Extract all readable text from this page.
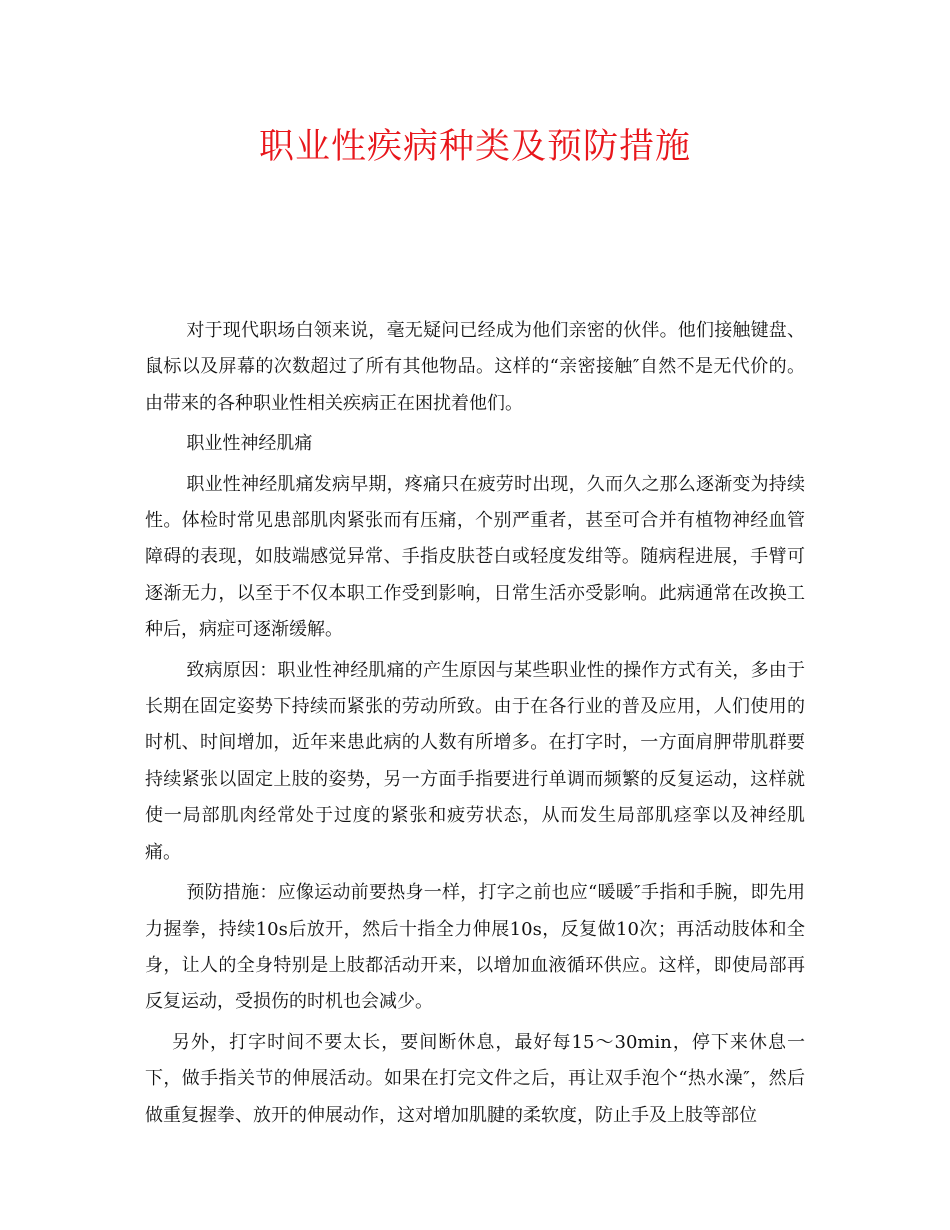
职业性疾病种类及预防措施

对于现代职场白领来说，毫无疑问已经成为他们亲密的伙伴。他们接触键盘、鼠标以及屏幕的次数超过了所有其他物品。这样的“亲密接触″自然不是无代价的。由带来的各种职业性相关疾病正在困扰着他们。

职业性神经肌痛

职业性神经肌痛发病早期，疼痛只在疲劳时出现，久而久之那么逐渐变为持续性。体检时常见患部肌肉紧张而有压痛，个别严重者，甚至可合并有植物神经血管障碍的表现，如肢端感觉异常、手指皮肤苍白或轻度发绀等。随病程进展，手臂可逐渐无力，以至于不仅本职工作受到影响，日常生活亦受影响。此病通常在改换工种后，病症可逐渐缓解。

致病原因：职业性神经肌痛的产生原因与某些职业性的操作方式有关，多由于长期在固定姿势下持续而紧张的劳动所致。由于在各行业的普及应用，人们使用的时机、时间增加，近年来患此病的人数有所增多。在打字时，一方面肩胛带肌群要持续紧张以固定上肢的姿势，另一方面手指要进行单调而频繁的反复运动，这样就使一局部肌肉经常处于过度的紧张和疲劳状态，从而发生局部肌痉挛以及神经肌痛。

预防措施：应像运动前要热身一样，打字之前也应“暖暖″手指和手腕，即先用力握拳，持续10s后放开，然后十指全力伸展10s，反复做10次；再活动肢体和全身，让人的全身特别是上肢都活动开来，以增加血液循环供应。这样，即使局部再反复运动，受损伤的时机也会减少。

另外，打字时间不要太长，要间断休息，最好每15～30min，停下来休息一下，做手指关节的伸展活动。如果在打完文件之后，再让双手泡个“热水澡″，然后做重复握拳、放开的伸展动作，这对增加肌腱的柔软度，防止手及上肢等部位
